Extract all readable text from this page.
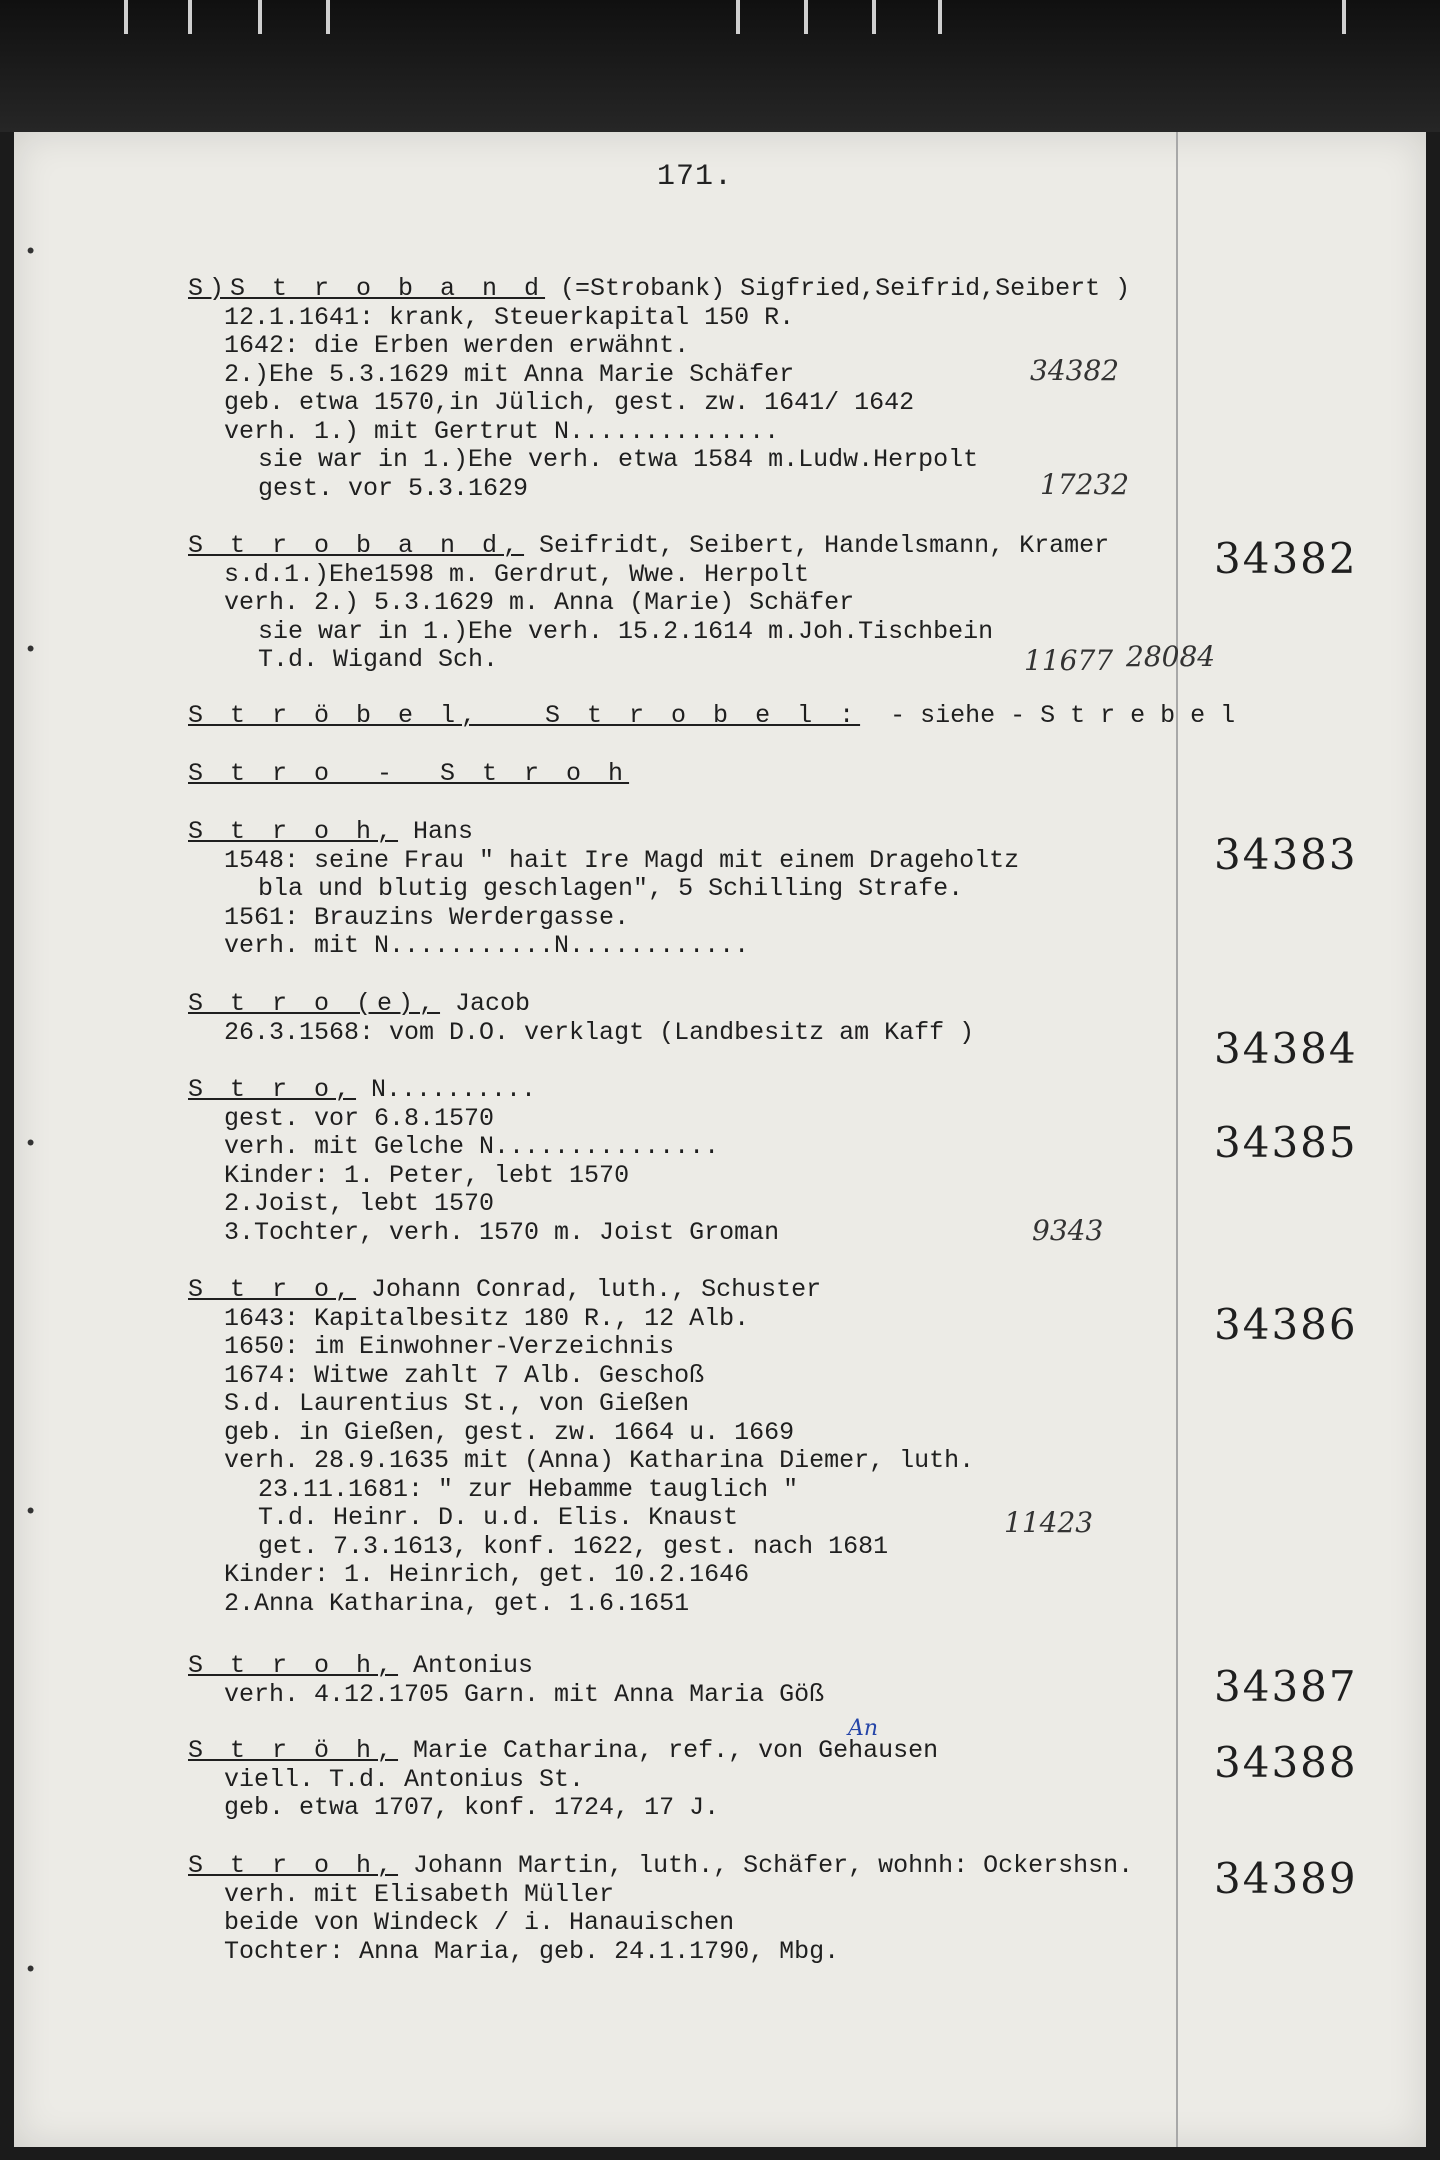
•
•
•
•
•
171.
S)S t r o b a n d (=Strobank) Sigfried,Seifrid,Seibert )
12.1.1641: krank, Steuerkapital 150 R.
1642: die Erben werden erwähnt.
2.)Ehe 5.3.1629 mit Anna Marie Schäfer
geb. etwa 1570,in Jülich, gest. zw. 1641/ 1642
verh. 1.) mit Gertrut N..............
sie war in 1.)Ehe verh. etwa 1584 m.Ludw.Herpolt
gest. vor 5.3.1629
34382
17232
S t r o b a n d, Seifridt, Seibert, Handelsmann, Kramer
s.d.1.)Ehe1598 m. Gerdrut, Wwe. Herpolt
verh. 2.) 5.3.1629 m. Anna (Marie) Schäfer
sie war in 1.)Ehe verh. 15.2.1614 m.Joh.Tischbein
T.d. Wigand Sch.
34382
11677 28084
S t r ö b e l,   S t r o b e l :  - siehe - S t r e b e l
S t r o  -  S t r o h
S t r o h, Hans
1548: seine Frau " hait Ire Magd mit einem Drageholtz
bla und blutig geschlagen", 5 Schilling Strafe.
1561: Brauzins Werdergasse.
verh. mit N...........N............
34383
S t r o (e), Jacob
26.3.1568: vom D.O. verklagt (Landbesitz am Kaff )	34384
S t r o, N..........
gest. vor 6.8.1570
verh. mit Gelche N...............
Kinder: 1. Peter, lebt 1570
2.Joist, lebt 1570
3.Tochter, verh. 1570 m. Joist Groman
34385
9343
S t r o, Johann Conrad, luth., Schuster
1643: Kapitalbesitz 180 R., 12 Alb.
1650: im Einwohner-Verzeichnis
1674: Witwe zahlt 7 Alb. Geschoß
S.d. Laurentius St., von Gießen
geb. in Gießen, gest. zw. 1664 u. 1669
verh. 28.9.1635 mit (Anna) Katharina Diemer, luth.
23.11.1681: " zur Hebamme tauglich "
T.d. Heinr. D. u.d. Elis. Knaust
get. 7.3.1613, konf. 1622, gest. nach 1681
Kinder: 1. Heinrich, get. 10.2.1646
2.Anna Katharina, get. 1.6.1651
34386
11423
S t r o h, Antonius
verh. 4.12.1705 Garn. mit Anna Maria Göß	34387
S t r ö h, Marie Catharina, ref., von Gehausen
viell. T.d. Antonius St.
geb. etwa 1707, konf. 1724, 17 J.
34388
An
S t r o h, Johann Martin, luth., Schäfer, wohnh: Ockershsn.
verh. mit Elisabeth Müller
beide von Windeck / i. Hanauischen
Tochter: Anna Maria, geb. 24.1.1790, Mbg.
34389
